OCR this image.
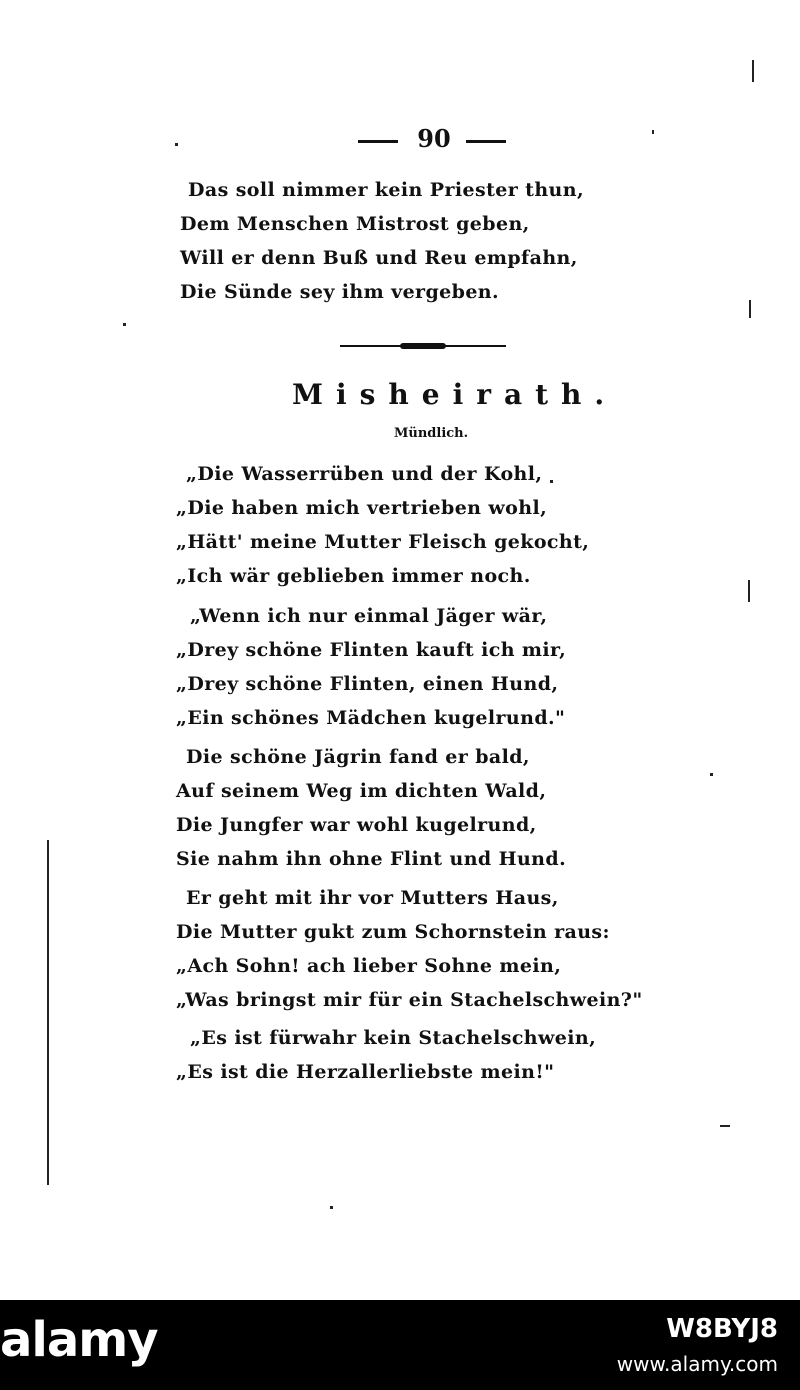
90
Das soll nimmer kein Priester thun,
Dem Menschen Mistrost geben,
Will er denn Buß und Reu empfahn,
Die Sünde sey ihm vergeben.
Misheirath.
Mündlich.
„Die Wasserrüben und der Kohl,
„Die haben mich vertrieben wohl,
„Hätt' meine Mutter Fleisch gekocht,
„Ich wär geblieben immer noch.
„Wenn ich nur einmal Jäger wär,
„Drey schöne Flinten kauft ich mir,
„Drey schöne Flinten, einen Hund,
„Ein schönes Mädchen kugelrund."
Die schöne Jägrin fand er bald,
Auf seinem Weg im dichten Wald,
Die Jungfer war wohl kugelrund,
Sie nahm ihn ohne Flint und Hund.
Er geht mit ihr vor Mutters Haus,
Die Mutter gukt zum Schornstein raus:
„Ach Sohn! ach lieber Sohne mein,
„Was bringst mir für ein Stachelschwein?"
„Es ist fürwahr kein Stachelschwein,
„Es ist die Herzallerliebste mein!"
alamy	W8BYJ8
www.alamy.com
